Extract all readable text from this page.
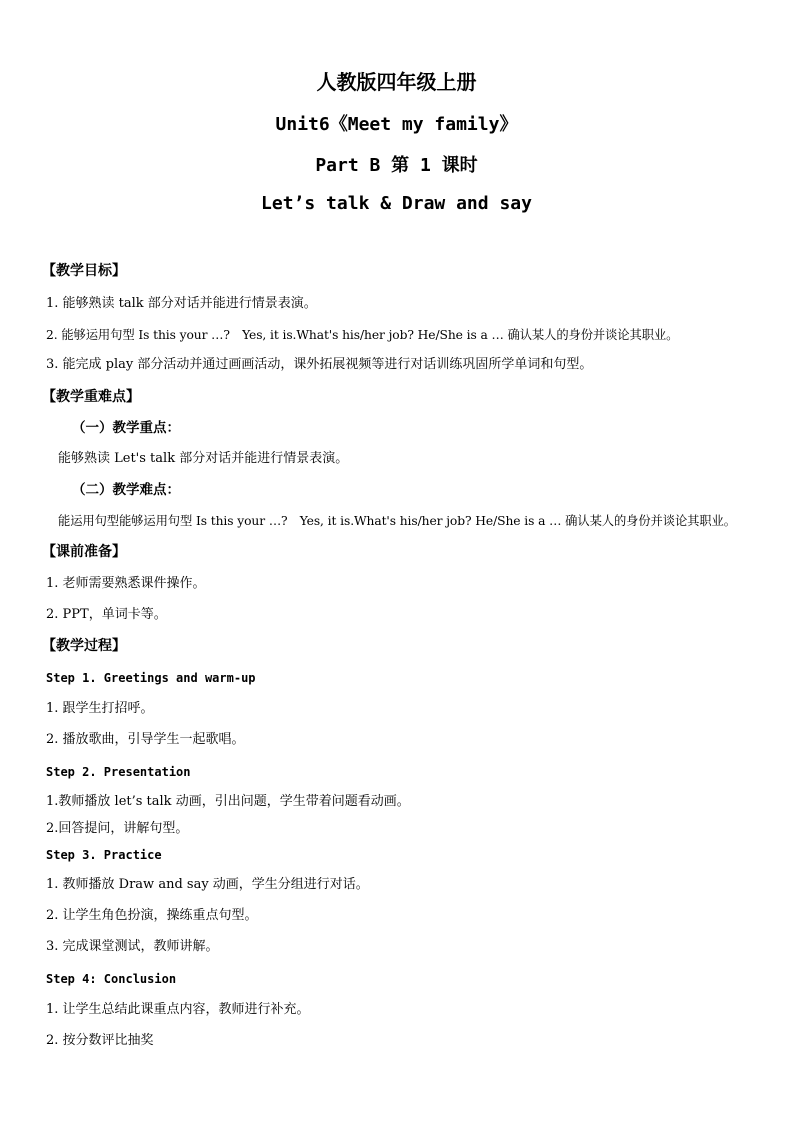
人教版四年级上册
Unit6《Meet my family》
Part B 第 1 课时
Let’s talk & Draw and say
【教学目标】
1. 能够熟读 talk 部分对话并能进行情景表演。
2. 能够运用句型 Is this your …?　Yes, it is.What's his/her job? He/She is a … 确认某人的身份并谈论其职业。
3. 能完成 play 部分活动并通过画画活动，课外拓展视频等进行对话训练巩固所学单词和句型。
【教学重难点】
（一）教学重点：
能够熟读 Let's talk 部分对话并能进行情景表演。
（二）教学难点：
能运用句型能够运用句型 Is this your …?　Yes, it is.What's his/her job? He/She is a … 确认某人的身份并谈论其职业。
【课前准备】
1. 老师需要熟悉课件操作。
2. PPT，单词卡等。
【教学过程】
Step 1. Greetings and warm-up
1. 跟学生打招呼。
2. 播放歌曲，引导学生一起歌唱。
Step 2. Presentation
1.教师播放 let’s talk 动画，引出问题，学生带着问题看动画。
2.回答提问，讲解句型。
Step 3. Practice
1. 教师播放 Draw and say 动画，学生分组进行对话。
2. 让学生角色扮演，操练重点句型。
3. 完成课堂测试，教师讲解。
Step 4: Conclusion
1. 让学生总结此课重点内容，教师进行补充。
2. 按分数评比抽奖
